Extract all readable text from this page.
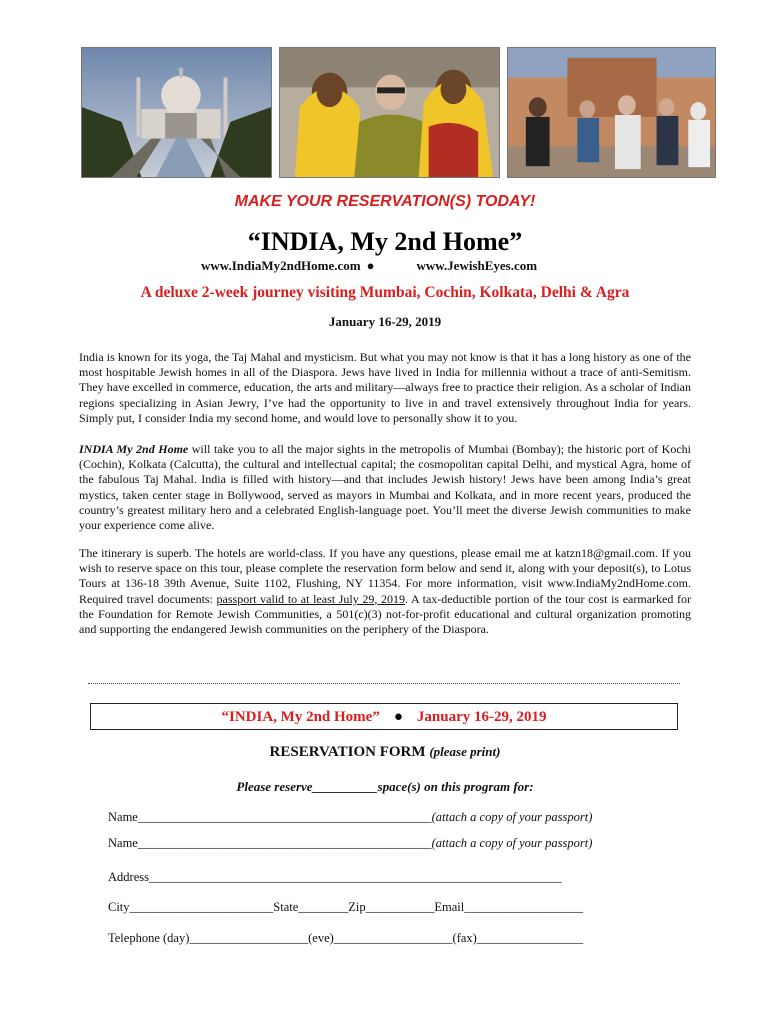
MAKE YOUR RESERVATION(S) TODAY!
“INDIA, My 2nd Home”
www.IndiaMy2ndHome.com ●	www.JewishEyes.com
A deluxe 2-week journey visiting Mumbai, Cochin, Kolkata, Delhi & Agra
January 16-29, 2019

India is known for its yoga, the Taj Mahal and mysticism. But what you may not know is that it has a long history as one of the most hospitable Jewish homes in all of the Diaspora. Jews have lived in India for millennia without a trace of anti-Semitism. They have excelled in commerce, education, the arts and military—always free to practice their religion. As a scholar of Indian regions specializing in Asian Jewry, I’ve had the opportunity to live in and travel extensively throughout India for years. Simply put, I consider India my second home, and would love to personally show it to you.

INDIA My 2nd Home will take you to all the major sights in the metropolis of Mumbai (Bombay); the historic port of Kochi (Cochin), Kolkata (Calcutta), the cultural and intellectual capital; the cosmopolitan capital Delhi, and mystical Agra, home of the fabulous Taj Mahal. India is filled with history—and that includes Jewish history! Jews have been among India’s great mystics, taken center stage in Bollywood, served as mayors in Mumbai and Kolkata, and in more recent years, produced the country’s greatest military hero and a celebrated English-language poet. You’ll meet the diverse Jewish communities to make your experience come alive.

The itinerary is superb. The hotels are world-class. If you have any questions, please email me at katzn18@gmail.com. If you wish to reserve space on this tour, please complete the reservation form below and send it, along with your deposit(s), to Lotus Tours at 136-18 39th Avenue, Suite 1102, Flushing, NY 11354. For more information, visit www.IndiaMy2ndHome.com. Required travel documents: passport valid to at least July 29, 2019. A tax-deductible portion of the tour cost is earmarked for the Foundation for Remote Jewish Communities, a 501(c)(3) not-for-profit educational and cultural organization promoting and supporting the endangered Jewish communities on the periphery of the Diaspora.

“INDIA, My 2nd Home” ● January 16-29, 2019
RESERVATION FORM (please print)
Please reserve__________space(s) on this program for:
Name_______________________________________________(attach a copy of your passport)
Name_______________________________________________(attach a copy of your passport)
Address__________________________________________________________________
City_______________________State________Zip___________Email___________________
Telephone (day)___________________(eve)___________________(fax)_________________
